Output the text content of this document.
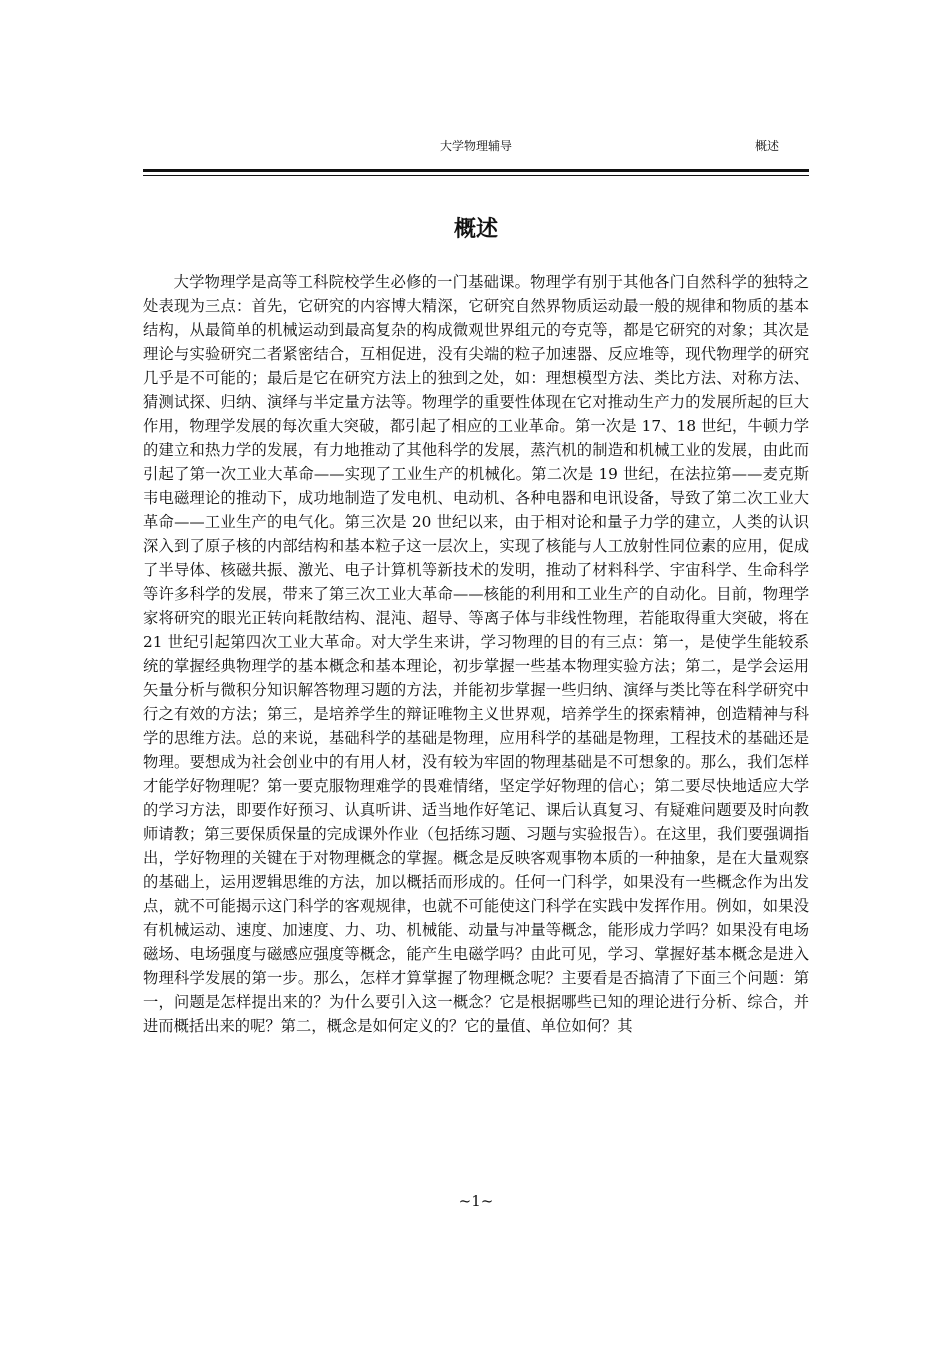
大学物理辅导	概述
概述

大学物理学是高等工科院校学生必修的一门基础课。物理学有别于其他各门自然科学的独特之处表现为三点：首先，它研究的内容博大精深，它研究自然界物质运动最一般的规律和物质的基本结构，从最简单的机械运动到最高复杂的构成微观世界组元的夸克等，都是它研究的对象；其次是理论与实验研究二者紧密结合，互相促进，没有尖端的粒子加速器、反应堆等，现代物理学的研究几乎是不可能的；最后是它在研究方法上的独到之处，如：理想模型方法、类比方法、对称方法、猜测试探、归纳、演绎与半定量方法等。物理学的重要性体现在它对推动生产力的发展所起的巨大作用，物理学发展的每次重大突破，都引起了相应的工业革命。第一次是 17、18 世纪，牛顿力学的建立和热力学的发展，有力地推动了其他科学的发展，蒸汽机的制造和机械工业的发展，由此而引起了第一次工业大革命——实现了工业生产的机械化。第二次是 19 世纪，在法拉第——麦克斯韦电磁理论的推动下，成功地制造了发电机、电动机、各种电器和电讯设备，导致了第二次工业大革命——工业生产的电气化。第三次是 20 世纪以来，由于相对论和量子力学的建立，人类的认识深入到了原子核的内部结构和基本粒子这一层次上，实现了核能与人工放射性同位素的应用，促成了半导体、核磁共振、激光、电子计算机等新技术的发明，推动了材料科学、宇宙科学、生命科学等许多科学的发展，带来了第三次工业大革命——核能的利用和工业生产的自动化。目前，物理学家将研究的眼光正转向耗散结构、混沌、超导、等离子体与非线性物理，若能取得重大突破，将在 21 世纪引起第四次工业大革命。对大学生来讲，学习物理的目的有三点：第一，是使学生能较系统的掌握经典物理学的基本概念和基本理论，初步掌握一些基本物理实验方法；第二，是学会运用矢量分析与微积分知识解答物理习题的方法，并能初步掌握一些归纳、演绎与类比等在科学研究中行之有效的方法；第三，是培养学生的辩证唯物主义世界观，培养学生的探索精神，创造精神与科学的思维方法。总的来说，基础科学的基础是物理，应用科学的基础是物理，工程技术的基础还是物理。要想成为社会创业中的有用人材，没有较为牢固的物理基础是不可想象的。那么，我们怎样才能学好物理呢？第一要克服物理难学的畏难情绪，坚定学好物理的信心；第二要尽快地适应大学的学习方法，即要作好预习、认真听讲、适当地作好笔记、课后认真复习、有疑难问题要及时向教师请教；第三要保质保量的完成课外作业（包括练习题、习题与实验报告）。在这里，我们要强调指出，学好物理的关键在于对物理概念的掌握。概念是反映客观事物本质的一种抽象，是在大量观察的基础上，运用逻辑思维的方法，加以概括而形成的。任何一门科学，如果没有一些概念作为出发点，就不可能揭示这门科学的客观规律，也就不可能使这门科学在实践中发挥作用。例如，如果没有机械运动、速度、加速度、力、功、机械能、动量与冲量等概念，能形成力学吗？如果没有电场磁场、电场强度与磁感应强度等概念，能产生电磁学吗？由此可见，学习、掌握好基本概念是进入物理科学发展的第一步。那么，怎样才算掌握了物理概念呢？主要看是否搞清了下面三个问题：第一，问题是怎样提出来的？为什么要引入这一概念？它是根据哪些已知的理论进行分析、综合，并进而概括出来的呢？第二，概念是如何定义的？它的量值、单位如何？其

~1~
